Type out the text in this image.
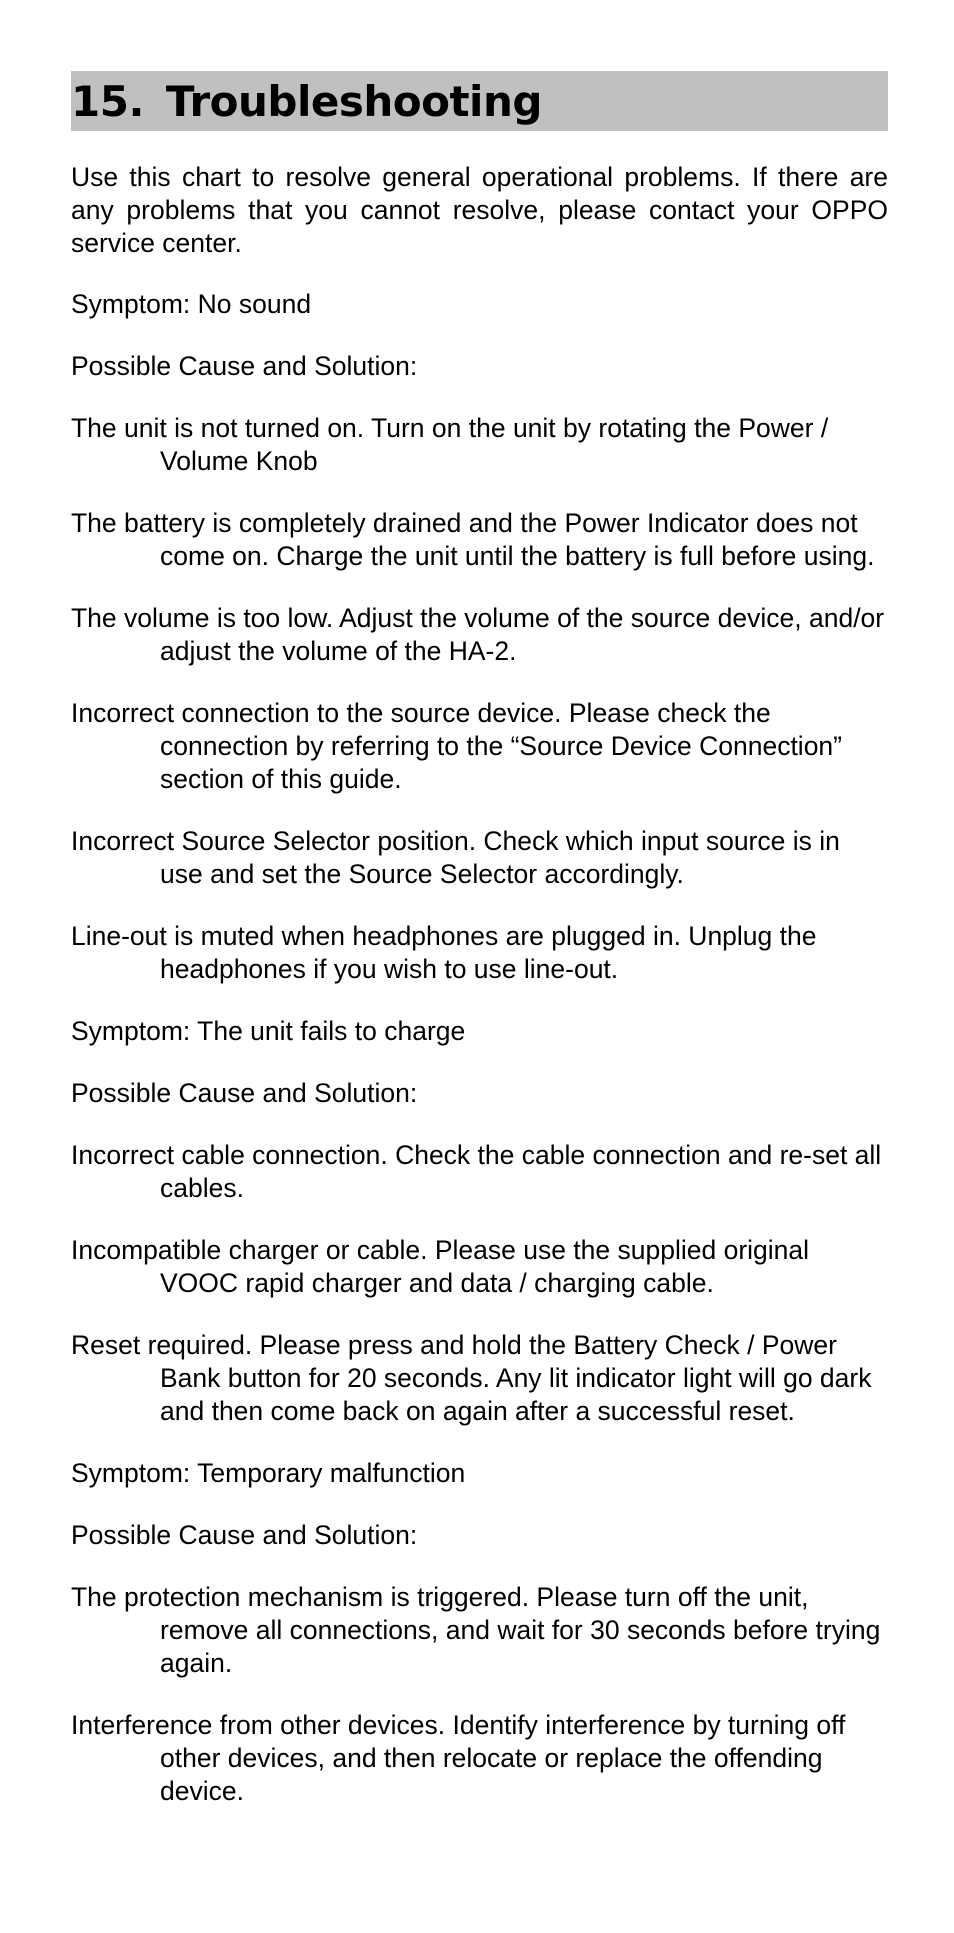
15. Troubleshooting

Use this chart to resolve general operational problems. If there are any problems that you cannot resolve, please contact your OPPO service center.

Symptom: No sound

Possible Cause and Solution:

The unit is not turned on. Turn on the unit by rotating the Power / Volume Knob

The battery is completely drained and the Power Indicator does not come on. Charge the unit until the battery is full before using.

The volume is too low. Adjust the volume of the source device, and/or adjust the volume of the HA-2.

Incorrect connection to the source device. Please check the connection by referring to the “Source Device Connection” section of this guide.

Incorrect Source Selector position. Check which input source is in use and set the Source Selector accordingly.

Line-out is muted when headphones are plugged in. Unplug the headphones if you wish to use line-out.

Symptom: The unit fails to charge

Possible Cause and Solution:

Incorrect cable connection. Check the cable connection and re-set all cables.

Incompatible charger or cable. Please use the supplied original VOOC rapid charger and data / charging cable.

Reset required. Please press and hold the Battery Check / Power Bank button for 20 seconds. Any lit indicator light will go dark and then come back on again after a successful reset.

Symptom: Temporary malfunction

Possible Cause and Solution:

The protection mechanism is triggered. Please turn off the unit, remove all connections, and wait for 30 seconds before trying again.

Interference from other devices. Identify interference by turning off other devices, and then relocate or replace the offending device.
